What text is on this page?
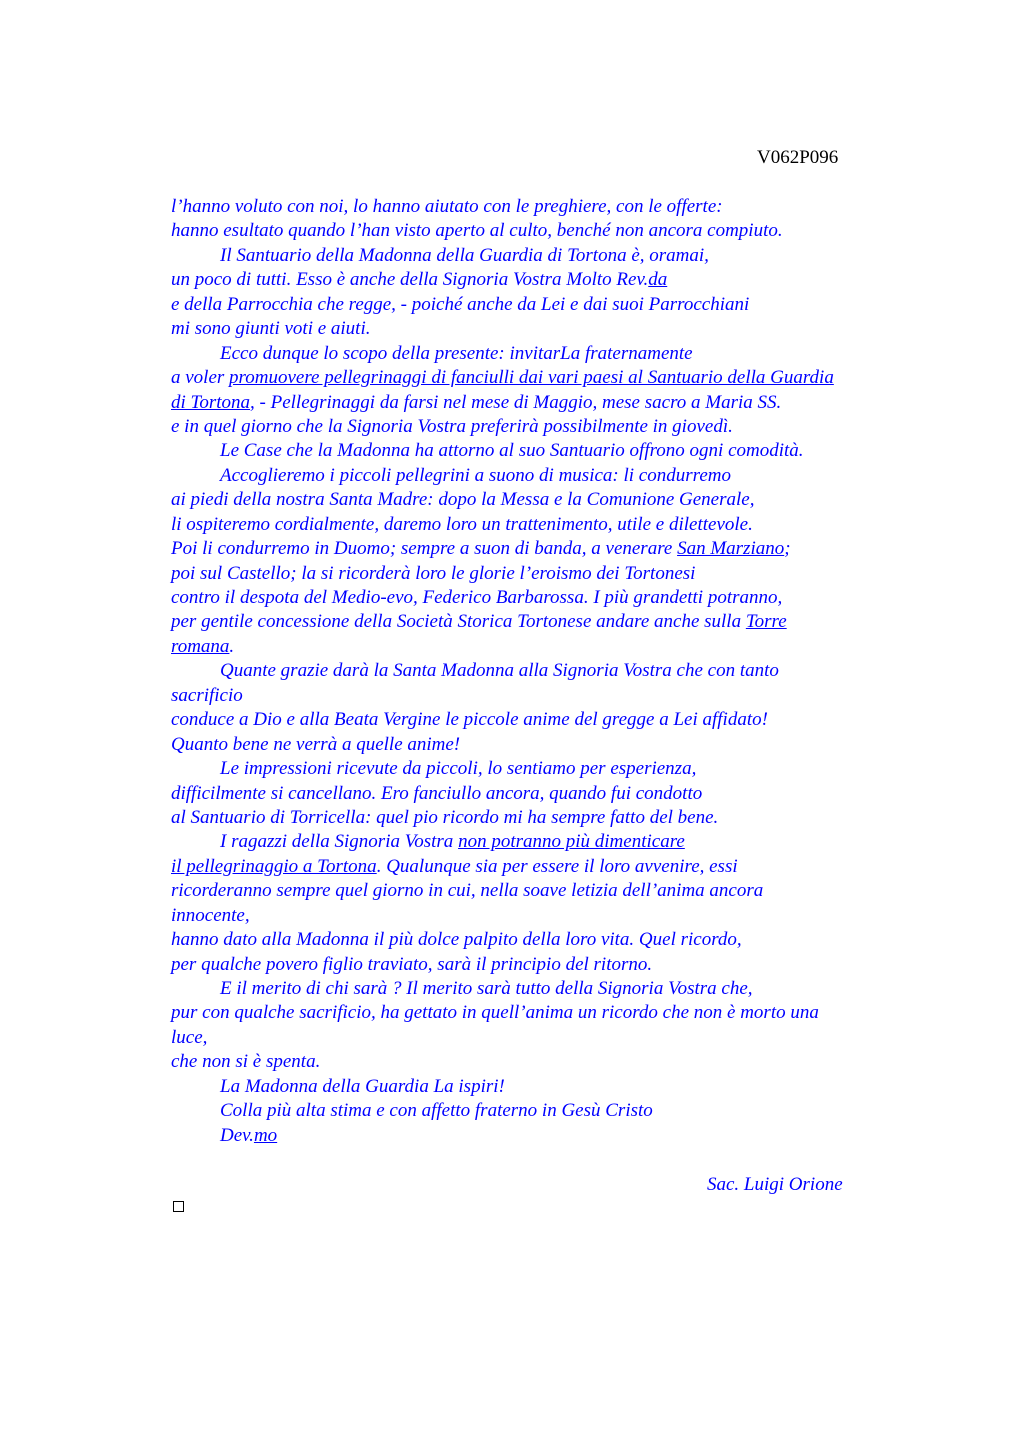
V062P096
l’hanno voluto con noi, lo hanno aiutato con le preghiere, con le offerte:
hanno esultato quando l’han visto aperto al culto, benché non ancora compiuto.
Il Santuario della Madonna della Guardia di Tortona è, oramai,
un poco di tutti. Esso è anche della Signoria Vostra Molto Rev.da
e della Parrocchia che regge, - poiché anche da Lei e dai suoi Parrocchiani
mi sono giunti voti e aiuti.
Ecco dunque lo scopo della presente: invitarLa fraternamente
a voler promuovere pellegrinaggi di fanciulli dai vari paesi al Santuario della Guardia
di Tortona, - Pellegrinaggi da farsi nel mese di Maggio, mese sacro a Maria SS.
e in quel giorno che la Signoria Vostra preferirà possibilmente in giovedì.
Le Case che la Madonna ha attorno al suo Santuario offrono ogni comodità.
Accoglieremo i piccoli pellegrini a suono di musica: li condurremo
ai piedi della nostra Santa Madre: dopo la Messa e la Comunione Generale,
li ospiteremo cordialmente, daremo loro un trattenimento, utile e dilettevole.
Poi li condurremo in Duomo; sempre a suon di banda, a venerare San Marziano;
poi sul Castello; la si ricorderà loro le glorie l’eroismo dei Tortonesi
contro il despota del Medio-evo, Federico Barbarossa. I più grandetti potranno,
per gentile concessione della Società Storica Tortonese andare anche sulla Torre
romana.
Quante grazie darà la Santa Madonna alla Signoria Vostra che con tanto
sacrificio
conduce a Dio e alla Beata Vergine le piccole anime del gregge a Lei affidato!
Quanto bene ne verrà a quelle anime!
Le impressioni ricevute da piccoli, lo sentiamo per esperienza,
difficilmente si cancellano. Ero fanciullo ancora, quando fui condotto
al Santuario di Torricella: quel pio ricordo mi ha sempre fatto del bene.
I ragazzi della Signoria Vostra non potranno più dimenticare
il pellegrinaggio a Tortona. Qualunque sia per essere il loro avvenire, essi
ricorderanno sempre quel giorno in cui, nella soave letizia dell’anima ancora
innocente,
hanno dato alla Madonna il più dolce palpito della loro vita. Quel ricordo,
per qualche povero figlio traviato, sarà il principio del ritorno.
E il merito di chi sarà ? Il merito sarà tutto della Signoria Vostra che,
pur con qualche sacrificio, ha gettato in quell’anima un ricordo che non è morto una
luce,
che non si è spenta.
La Madonna della Guardia La ispiri!
Colla più alta stima e con affetto fraterno in Gesù Cristo
Dev.mo
Sac. Luigi Orione
